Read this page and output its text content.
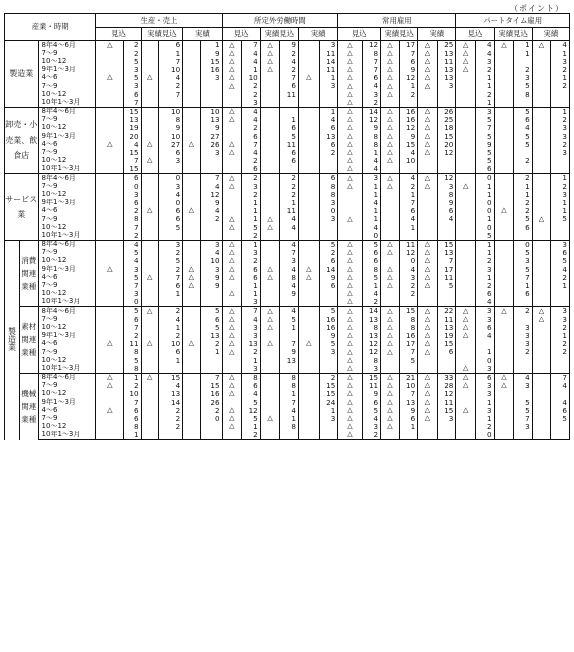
（ポイント）
産業・時期			生産・売上						所定外労働時間						常用雇用						パートタイム雇用					
			見込		実績見込		実績		見込		実績見込		実績		見込		実績見込		実績		見込		実績見込		実績	
製造業		8年4～6月	△	2		6		1	△	7	△	9		3	△	12	△	17	△	25	△	4	△	1	△	4
		7～9		2		1		9	△	4	△	2		11	△	8	△	7	△	13	△	4		1		1
		10～12		5		7		15	△	4	△	4		14	△	7	△	6	△	11	△	3				3
		9年1～3月		3		10		16	△	1	△	2		11	△	7	△	9	△	13	△	2		2		2
		4～6	△	5	△	4		3	△	10		7	△	1	△	6	△	12	△	13		1		3		1
		7～9		3		2			△	2		6		3	△	4	△	1	△	3		1		5		2
		10～12		6		7				2		11			△	3	△	2				2		8		
		10年1～3月		7						3					△	2						1				
卸売・小売業、飲食店		8年4～6月		15		10		10	△	4				1	△	14	△	16	△	26		3		5		1
		7～9		13		8		13	△	4		1		4	△	12	△	16	△	25		5		6		2
		10～12		19		9		9		2		6		6	△	9	△	12	△	18		7		4		3
		9年1～3月		20		10		27		6		5		13	△	8	△	9	△	15		5		5		3
		4～6	△	4	△	27	△	26	△	7		11		6	△	8	△	15	△	20		9		5		2
		7～9		15		6		3	△	4		6		2	△	1	△	4	△	12		5				3
		10～12		7	△	3				2		6			△	4	△	10				5		2		
		10年1～3月		15						6					△	4						6				
サービス業		8年4～6月		6		0		7	△	2		2		6	△	3	△	4	△	12		0		2		1
		7～9		0		3		4	△	3		2		8	△	1	△	2	△	3	△	1		1		2
		10～12		3		4		12		2		2		8		1		1		8		1		1		3
		9年1～3月		6		0		9		1		1		3		4		7		9		0		2		1
		4～6		2	△	6	△	4		1		11		0		1		6		6		0	△	2		1
		7～9		8		6		2	△	1	△	4		3	△	1		4		4		1		5	△	5
		10～12		7		5			△	5	△	4				4		1				0		6		
		10年1～3月		2						2						0						5				
製造業	消費関連業種	8年4～6月		4		3		3	△	1		4		5	△	5	△	11	△	15		1		0		3
		7～9		5		2		4	△	3		7		2	△	6	△	12	△	13		1		5		6
		10～12		4		5		10	△	2		3		6	△	6		0	△	7		2		3		5
		9年1～3月	△	3		2	△	3	△	6	△	4	△	14	△	8	△	4	△	17		3		5		4
		4～6		5	△	7	△	9	△	6	△	8	△	9	△	5	△	3	△	11		1		7		2
		7～9		7		6	△	9		1		4		6	△	1	△	2	△	5		2		1		1
		10～12		3		1			△	1		9			△	4		2				6		6		
		10年1～3月		0						3					△	2						4				
	素材関連業種	8年4～6月		5	△	2		5	△	7	△	4		5	△	14	△	15	△	22	△	3	△	2	△	3
		7～9		6		4		6	△	4	△	5		16	△	13	△	8	△	11	△	3			△	3
		10～12		7		1		5	△	3	△	1		16	△	8	△	8	△	13	△	6		3		2
		9年1～3月		2		2		13	△	3				9	△	13	△	16	△	19	△	4		3		1
		4～6	△	11	△	10	△	2	△	13	△	7	△	5	△	12	△	17	△	15				3		2
		7～9		8		6		1	△	2		9		3	△	12	△	7	△	6		1		2		2
		10～12		5		1				1		13			△	8		5				0				
		10年1～3月		8						3					△	3					△	3				
	機械関連業種	8年4～6月	△	1	△	15		7	△	8		8		2	△	15	△	21	△	33	△	6	△	4		7
		7～9	△	2		4		15	△	6		8		15	△	11	△	10	△	28	△	3	△	3		4
		10～12		10		13		16	△	4		1		15	△	9	△	7	△	12		3				
		9年1～3月		7		14		26		5		7		24	△	6	△	13	△	11		1		5		4
		4～6	△	6		2		2	△	12		4		1	△	5	△	9	△	15	△	3		5		6
		7～9		6		2		0	△	5	△	1		3	△	4	△	6	△	3		1		7		5
		10～12		8		2			△	1		8			△	3	△	1				2		3		
		10年1～3月		1						2					△	2						0				
